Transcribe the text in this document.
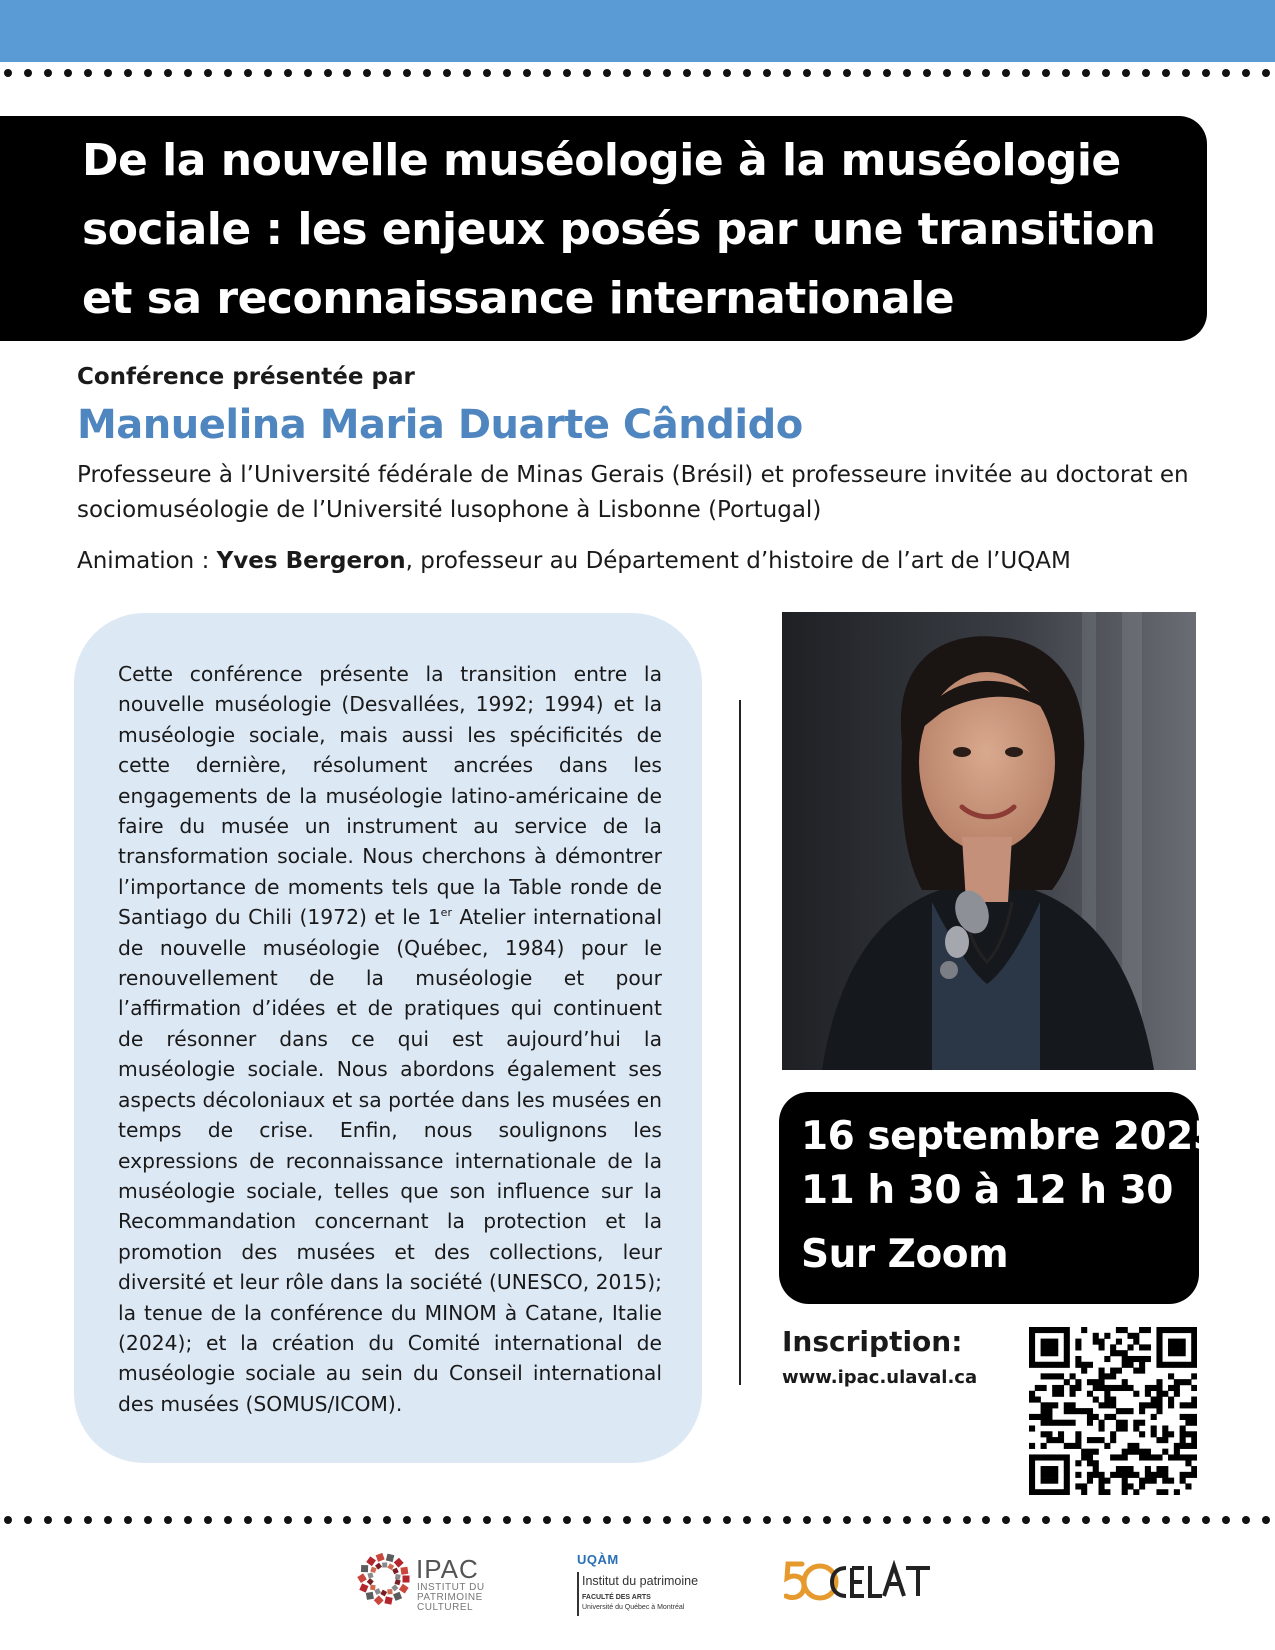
De la nouvelle muséologie à la muséologie
sociale : les enjeux posés par une transition
et sa reconnaissance internationale
Conférence présentée par
Manuelina Maria Duarte Cândido
Professeure à l’Université fédérale de Minas Gerais (Brésil) et professeure invitée au doctorat en
sociomuséologie de l’Université lusophone à Lisbonne (Portugal)
Animation : Yves Bergeron, professeur au Département d’histoire de l’art de l’UQAM

Cette conférence présente la transition entre la nouvelle muséologie (Desvallées, 1992; 1994) et la muséologie sociale, mais aussi les spécificités de cette dernière, résolument ancrées dans les engagements de la muséologie latino-américaine de faire du musée un instrument au service de la transformation sociale. Nous cherchons à démontrer l’importance de moments tels que la Table ronde de Santiago du Chili (1972) et le 1er Atelier international de nouvelle muséologie (Québec, 1984) pour le renouvellement de la muséologie et pour l’affirmation d’idées et de pratiques qui continuent de résonner dans ce qui est aujourd’hui la muséologie sociale. Nous abordons également ses aspects décoloniaux et sa portée dans les musées en temps de crise. Enfin, nous soulignons les expressions de reconnaissance internationale de la muséologie sociale, telles que son influence sur la Recommandation concernant la protection et la promotion des musées et des collections, leur diversité et leur rôle dans la société (UNESCO, 2015); la tenue de la conférence du MINOM à Catane, Italie (2024); et la création du Comité international de muséologie sociale au sein du Conseil international des musées (SOMUS/ICOM).

16 septembre 2025
11 h 30 à 12 h 30
Sur Zoom
Inscription:
www.ipac.ulaval.ca
IPAC
INSTITUT DU
PATRIMOINE
CULTUREL
UQÀM
Institut du patrimoine
FACULTÉ DES ARTS
Université du Québec à Montréal
